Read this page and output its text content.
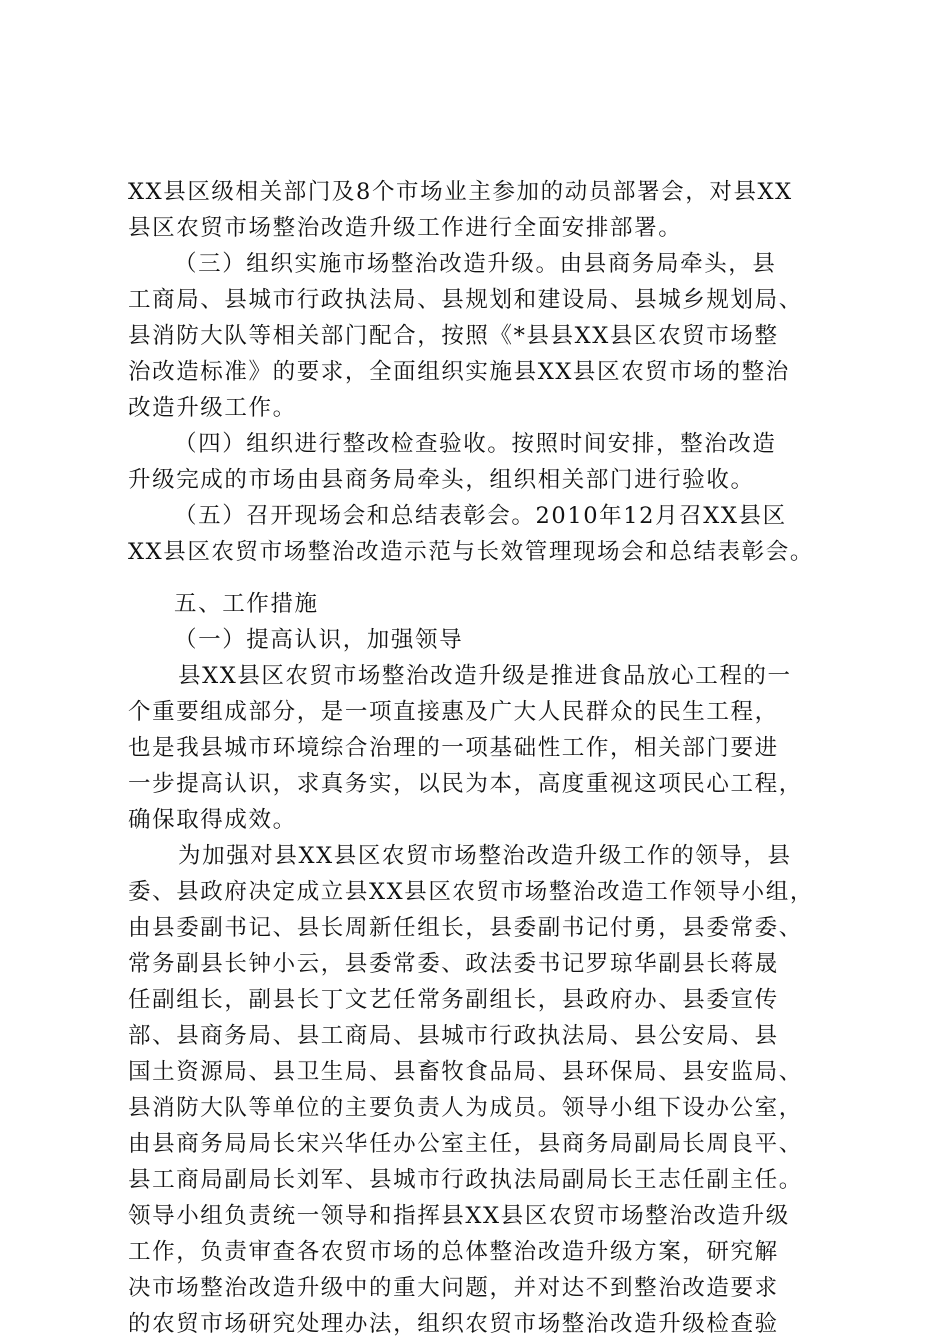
XX县区级相关部门及8个市场业主参加的动员部署会，对县XX
县区农贸市场整治改造升级工作进行全面安排部署。
（三）组织实施市场整治改造升级。由县商务局牵头，县
工商局、县城市行政执法局、县规划和建设局、县城乡规划局、
县消防大队等相关部门配合，按照《*县县XX县区农贸市场整
治改造标准》的要求，全面组织实施县XX县区农贸市场的整治
改造升级工作。
（四）组织进行整改检查验收。按照时间安排，整治改造
升级完成的市场由县商务局牵头，组织相关部门进行验收。
（五）召开现场会和总结表彰会。2010年12月召XX县区
XX县区农贸市场整治改造示范与长效管理现场会和总结表彰会。
五、工作措施
（一）提高认识，加强领导
县XX县区农贸市场整治改造升级是推进食品放心工程的一
个重要组成部分，是一项直接惠及广大人民群众的民生工程，
也是我县城市环境综合治理的一项基础性工作，相关部门要进
一步提高认识，求真务实，以民为本，高度重视这项民心工程，
确保取得成效。
为加强对县XX县区农贸市场整治改造升级工作的领导，县
委、县政府决定成立县XX县区农贸市场整治改造工作领导小组，
由县委副书记、县长周新任组长，县委副书记付勇，县委常委、
常务副县长钟小云，县委常委、政法委书记罗琼华副县长蒋晟
任副组长，副县长丁文艺任常务副组长，县政府办、县委宣传
部、县商务局、县工商局、县城市行政执法局、县公安局、县
国土资源局、县卫生局、县畜牧食品局、县环保局、县安监局、
县消防大队等单位的主要负责人为成员。领导小组下设办公室，
由县商务局局长宋兴华任办公室主任，县商务局副局长周良平、
县工商局副局长刘军、县城市行政执法局副局长王志任副主任。
领导小组负责统一领导和指挥县XX县区农贸市场整治改造升级
工作，负责审查各农贸市场的总体整治改造升级方案，研究解
决市场整治改造升级中的重大问题，并对达不到整治改造要求
的农贸市场研究处理办法，组织农贸市场整治改造升级检查验
